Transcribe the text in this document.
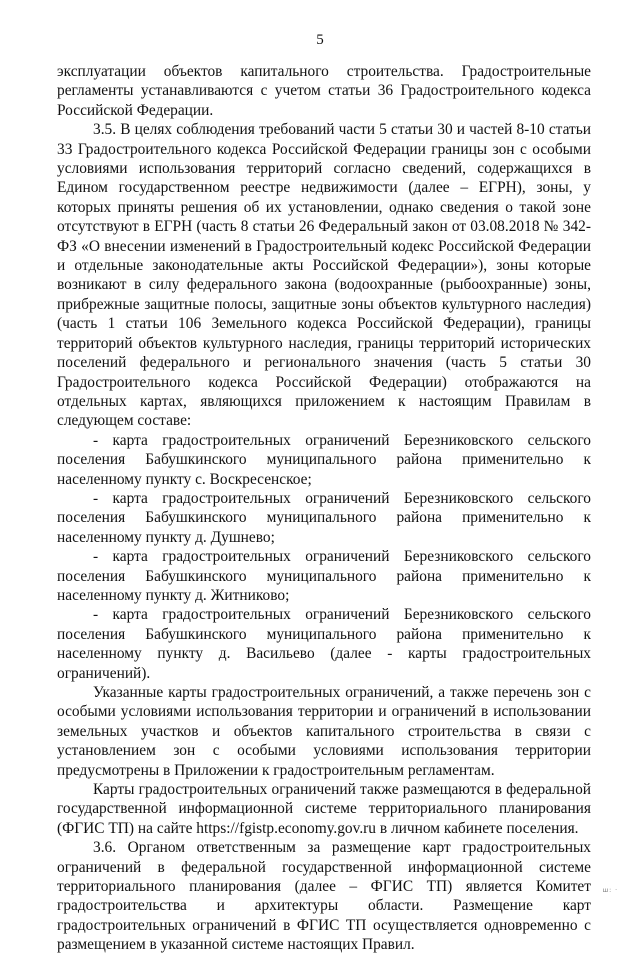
5

эксплуатации объектов капитального строительства. Градостроительные регламенты устанавливаются с учетом статьи 36 Градостроительного кодекса Российской Федерации.

3.5. В целях соблюдения требований части 5 статьи 30 и частей 8-10 статьи 33 Градостроительного кодекса Российской Федерации границы зон с особыми условиями использования территорий согласно сведений, содержащихся в Едином государственном реестре недвижимости (далее – ЕГРН), зоны, у которых приняты решения об их установлении, однако сведения о такой зоне отсутствуют в ЕГРН (часть 8 статьи 26 Федеральный закон от 03.08.2018 № 342-ФЗ «О внесении изменений в Градостроительный кодекс Российской Федерации и отдельные законодательные акты Российской Федерации»), зоны которые возникают в силу федерального закона (водоохранные (рыбоохранные) зоны, прибрежные защитные полосы, защитные зоны объектов культурного наследия) (часть 1 статьи 106 Земельного кодекса Российской Федерации), границы территорий объектов культурного наследия, границы территорий исторических поселений федерального и регионального значения (часть 5 статьи 30 Градостроительного кодекса Российской Федерации) отображаются на отдельных картах, являющихся приложением к настоящим Правилам в следующем составе:

- карта градостроительных ограничений Березниковского сельского поселения Бабушкинского муниципального района применительно к населенному пункту с. Воскресенское;

- карта градостроительных ограничений Березниковского сельского поселения Бабушкинского муниципального района применительно к населенному пункту д. Душнево;

- карта градостроительных ограничений Березниковского сельского поселения Бабушкинского муниципального района применительно к населенному пункту д. Житниково;

- карта градостроительных ограничений Березниковского сельского поселения Бабушкинского муниципального района применительно к населенному пункту д. Васильево (далее - карты градостроительных ограничений).

Указанные карты градостроительных ограничений, а также перечень зон с особыми условиями использования территории и ограничений в использовании земельных участков и объектов капитального строительства в связи с установлением зон с особыми условиями использования территории предусмотрены в Приложении к градостроительным регламентам.

Карты градостроительных ограничений также размещаются в федеральной государственной информационной системе территориального планирования (ФГИС ТП) на сайте https://fgistp.economy.gov.ru в личном кабинете поселения.

3.6. Органом ответственным за размещение карт градостроительных ограничений в федеральной государственной информационной системе территориального планирования (далее – ФГИС ТП) является Комитет градостроительства и архитектуры области. Размещение карт градостроительных ограничений в ФГИС ТП осуществляется одновременно с размещением в указанной системе настоящих Правил.

ш: ·
